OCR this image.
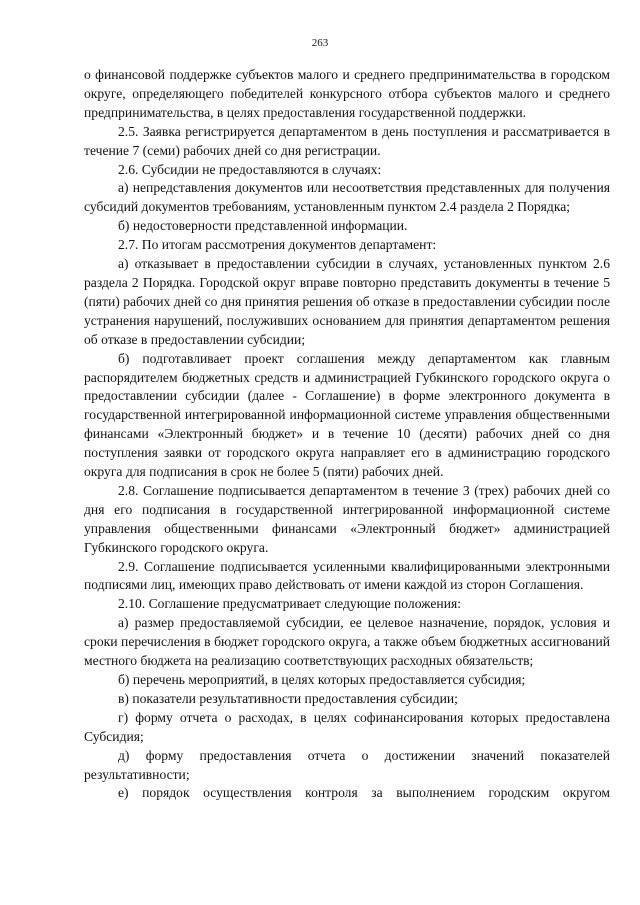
263

о финансовой поддержке субъектов малого и среднего предпринимательства в городском округе, определяющего победителей конкурсного отбора субъектов малого и среднего предпринимательства, в целях предоставления государственной поддержки.

2.5. Заявка регистрируется департаментом в день поступления и рассматривается в течение 7 (семи) рабочих дней со дня регистрации.

2.6. Субсидии не предоставляются в случаях:

а) непредставления документов или несоответствия представленных для получения субсидий документов требованиям, установленным пунктом 2.4 раздела 2 Порядка;

б) недостоверности представленной информации.

2.7. По итогам рассмотрения документов департамент:

а) отказывает в предоставлении субсидии в случаях, установленных пунктом 2.6 раздела 2 Порядка. Городской округ вправе повторно представить документы в течение 5 (пяти) рабочих дней со дня принятия решения об отказе в предоставлении субсидии после устранения нарушений, послуживших основанием для принятия департаментом решения об отказе в предоставлении субсидии;

б) подготавливает проект соглашения между департаментом как главным распорядителем бюджетных средств и администрацией Губкинского городского округа о предоставлении субсидии (далее - Соглашение) в форме электронного документа в государственной интегрированной информационной системе управления общественными финансами «Электронный бюджет» и в течение 10 (десяти) рабочих дней со дня поступления заявки от городского округа направляет его в администрацию городского округа для подписания в срок не более 5 (пяти) рабочих дней.

2.8. Соглашение подписывается департаментом в течение 3 (трех) рабочих дней со дня его подписания в государственной интегрированной информационной системе управления общественными финансами «Электронный бюджет» администрацией Губкинского городского округа.

2.9. Соглашение подписывается усиленными квалифицированными электронными подписями лиц, имеющих право действовать от имени каждой из сторон Соглашения.

2.10. Соглашение предусматривает следующие положения:

а) размер предоставляемой субсидии, ее целевое назначение, порядок, условия и сроки перечисления в бюджет городского округа, а также объем бюджетных ассигнований местного бюджета на реализацию соответствующих расходных обязательств;

б) перечень мероприятий, в целях которых предоставляется субсидия;

в) показатели результативности предоставления субсидии;

г) форму отчета о расходах, в целях софинансирования которых предоставлена Субсидия;

д) форму предоставления отчета о достижении значений показателей результативности;

е) порядок осуществления контроля за выполнением городским округом
